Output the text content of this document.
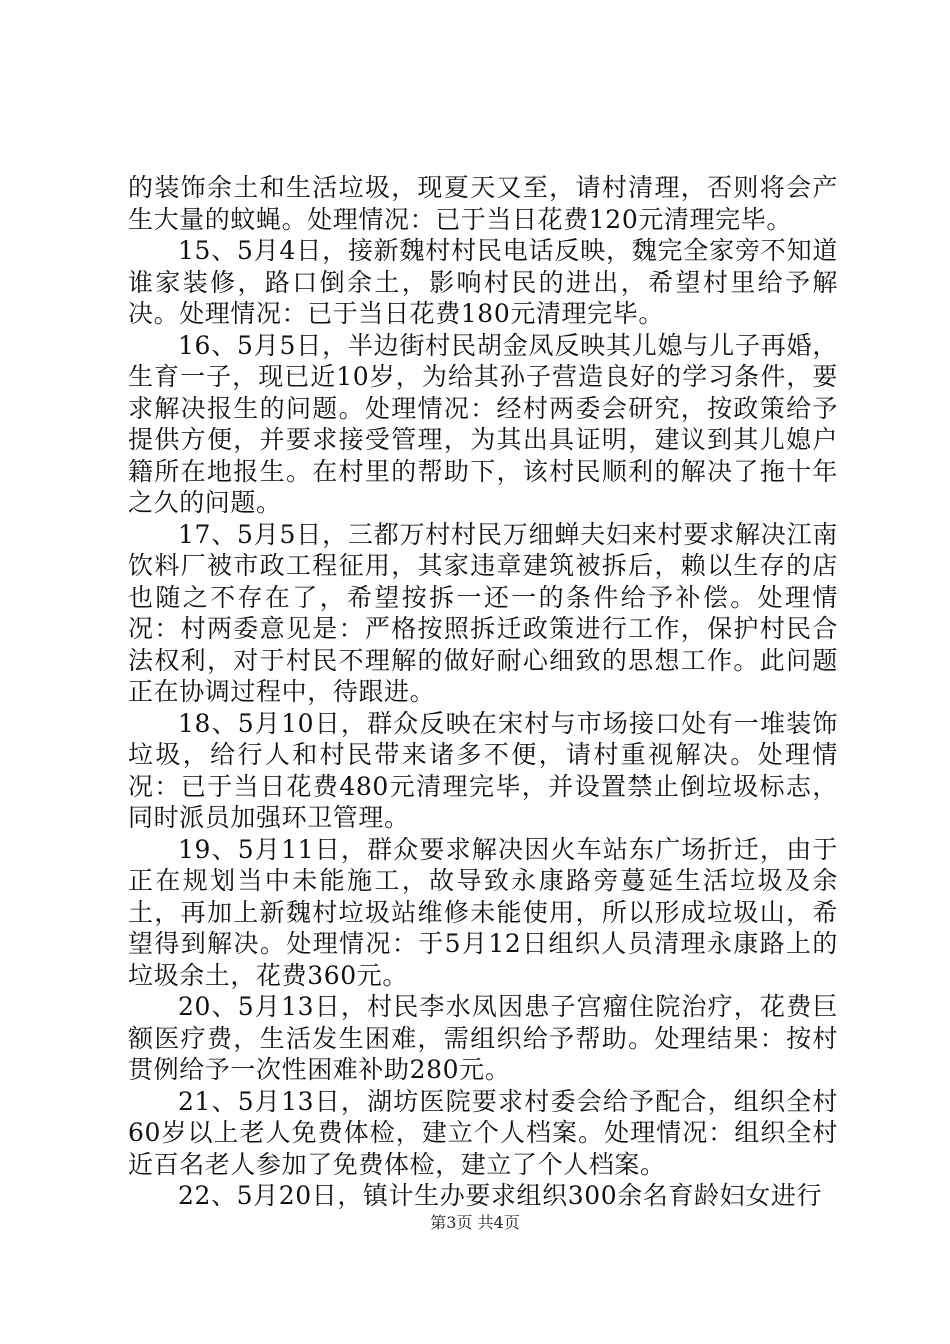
的装饰余土和生活垃圾，现夏天又至，请村清理，否则将会产生大量的蚊蝇。处理情况：已于当日花费120元清理完毕。

15、5月4日，接新魏村村民电话反映，魏完全家旁不知道谁家装修，路口倒余土，影响村民的进出，希望村里给予解决。处理情况：已于当日花费180元清理完毕。

16、5月5日，半边街村民胡金凤反映其儿媳与儿子再婚，生育一子，现已近10岁，为给其孙子营造良好的学习条件，要求解决报生的问题。处理情况：经村两委会研究，按政策给予提供方便，并要求接受管理，为其出具证明，建议到其儿媳户籍所在地报生。在村里的帮助下，该村民顺利的解决了拖十年之久的问题。

17、5月5日，三都万村村民万细蝉夫妇来村要求解决江南饮料厂被市政工程征用，其家违章建筑被拆后，赖以生存的店也随之不存在了，希望按拆一还一的条件给予补偿。处理情况：村两委意见是：严格按照拆迁政策进行工作，保护村民合法权利，对于村民不理解的做好耐心细致的思想工作。此问题正在协调过程中，待跟进。

18、5月10日，群众反映在宋村与市场接口处有一堆装饰垃圾，给行人和村民带来诸多不便，请村重视解决。处理情况：已于当日花费480元清理完毕，并设置禁止倒垃圾标志，同时派员加强环卫管理。

19、5月11日，群众要求解决因火车站东广场折迁，由于正在规划当中未能施工，故导致永康路旁蔓延生活垃圾及余土，再加上新魏村垃圾站维修未能使用，所以形成垃圾山，希望得到解决。处理情况：于5月12日组织人员清理永康路上的垃圾余土，花费360元。

20、5月13日，村民李水凤因患子宫瘤住院治疗，花费巨额医疗费，生活发生困难，需组织给予帮助。处理结果：按村贯例给予一次性困难补助280元。

21、5月13日，湖坊医院要求村委会给予配合，组织全村60岁以上老人免费体检，建立个人档案。处理情况：组织全村近百名老人参加了免费体检，建立了个人档案。

22、5月20日，镇计生办要求组织300余名育龄妇女进行

第3页 共4页
